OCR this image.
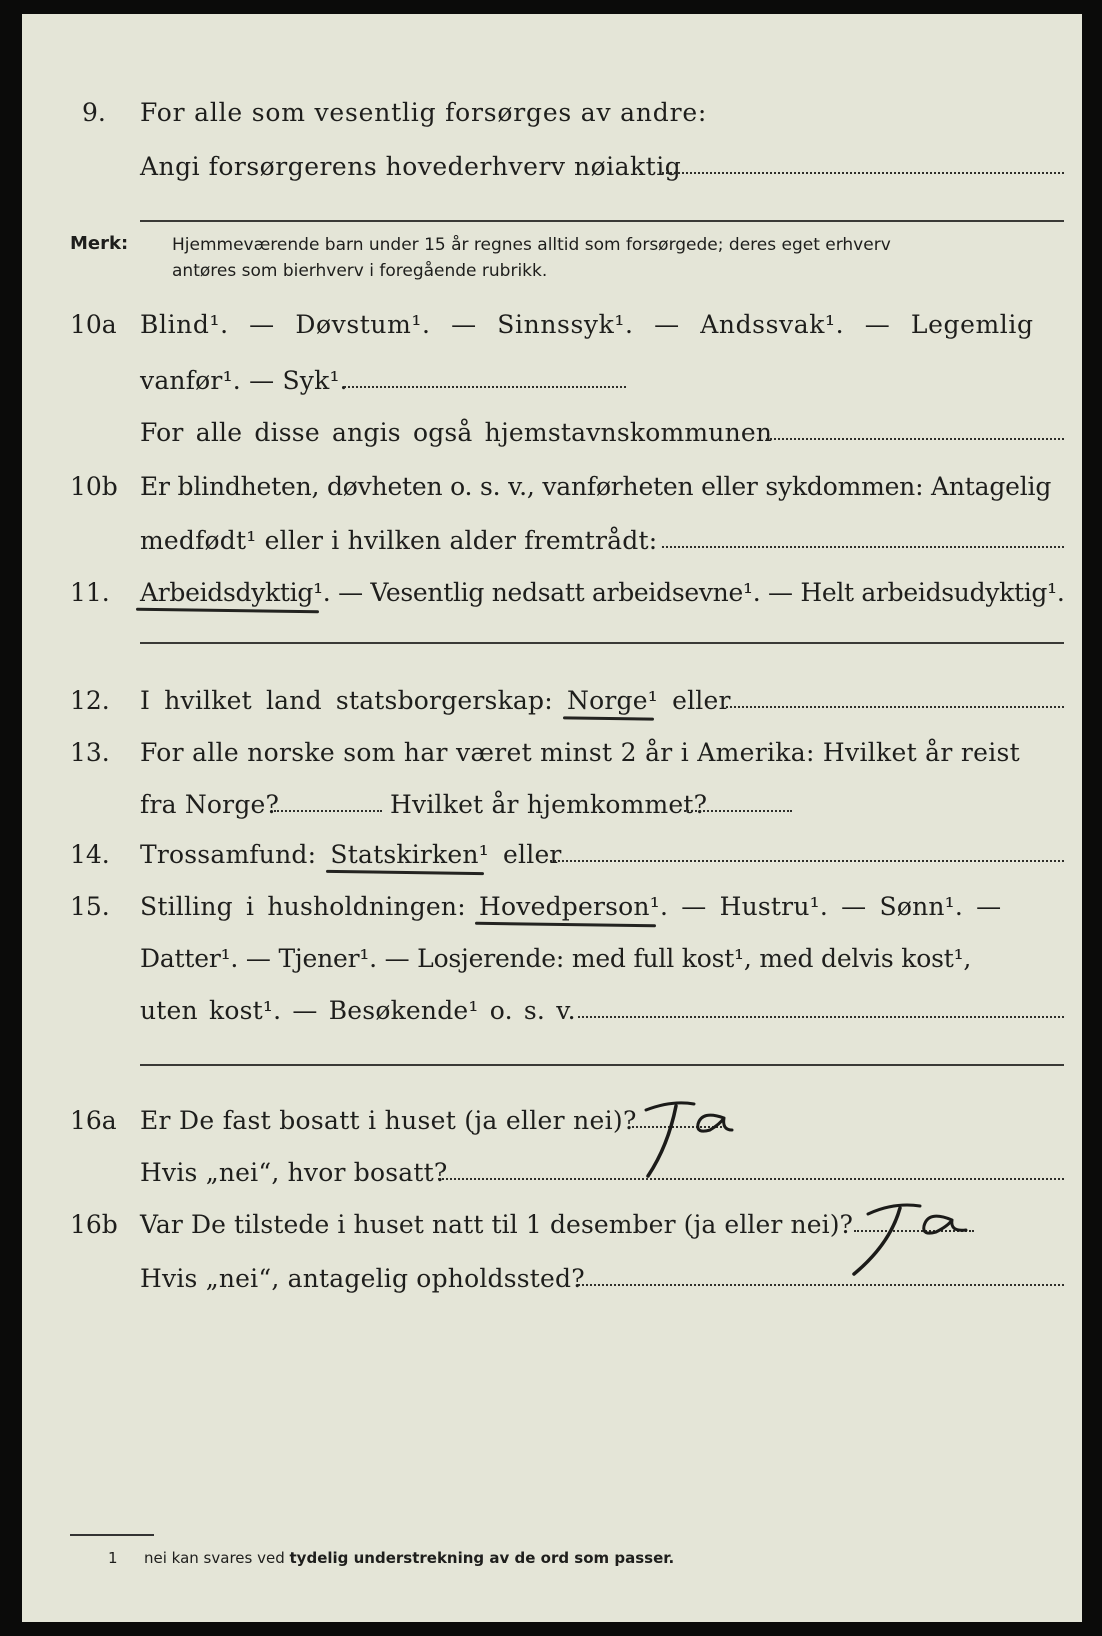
9. For alle som vesentlig forsørges av andre:
Angi forsørgerens hovederhverv nøiaktig
Merk:	Hjemmeværende barn under 15 år regnes alltid som forsørgede; deres eget erhverv
antøres som bierhverv i foregående rubrikk.
10a Blind¹. — Døvstum¹. — Sinnssyk¹. — Andssvak¹. — Legemlig
vanfør¹. — Syk¹.
For alle disse angis også hjemstavnskommunen
10b Er blindheten, døvheten o. s. v., vanførheten eller sykdommen: Antagelig
medfødt¹ eller i hvilken alder fremtrådt:
11. Arbeidsdyktig¹. — Vesentlig nedsatt arbeidsevne¹. — Helt arbeidsudyktig¹.
12. I hvilket land statsborgerskap: Norge¹ eller
13. For alle norske som har været minst 2 år i Amerika: Hvilket år reist
fra Norge?	Hvilket år hjemkommet?
14. Trossamfund: Statskirken¹ eller
15. Stilling i husholdningen: Hovedperson¹. — Hustru¹. — Sønn¹. —
Datter¹. — Tjener¹. — Losjerende: med full kost¹, med delvis kost¹,
uten kost¹. — Besøkende¹ o. s. v.
16a Er De fast bosatt i huset (ja eller nei)?
Hvis „nei“, hvor bosatt?
16b Var De tilstede i huset natt til 1 desember (ja eller nei)?
Hvis „nei“, antagelig opholdssted?
1 nei kan svares ved tydelig understrekning av de ord som passer.
